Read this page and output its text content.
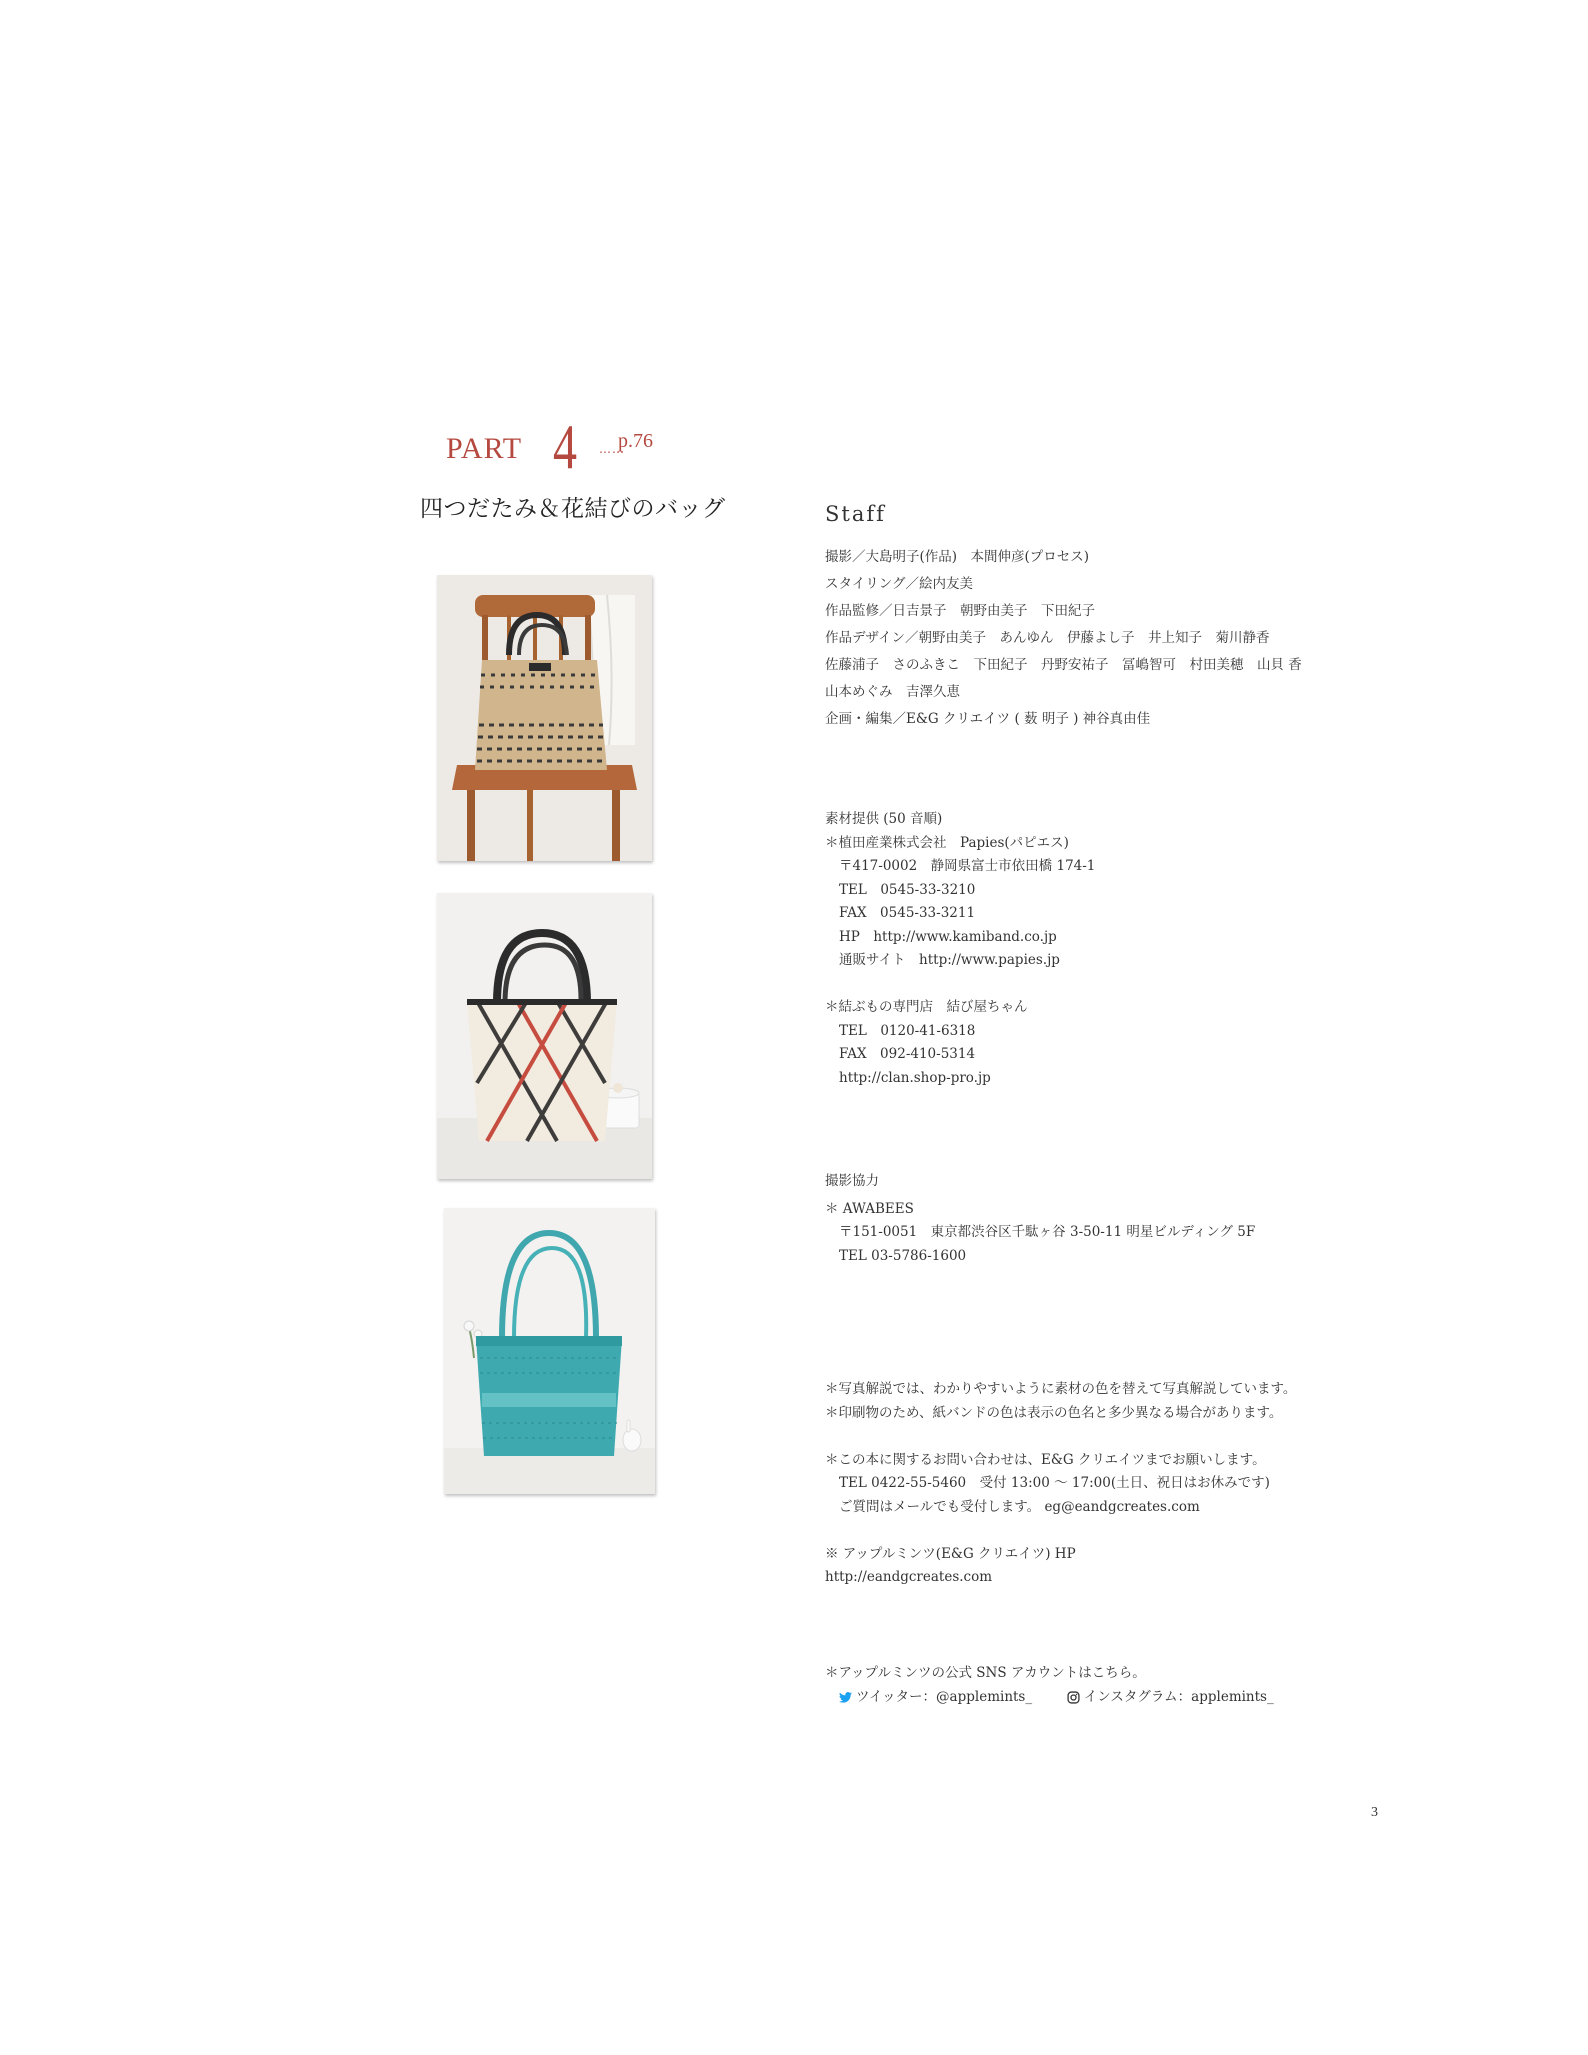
PART 4 ……
p.76
四つだたみ＆花結びのバッグ	Staff
撮影／大島明子(作品)　本間伸彦(プロセス)
スタイリング／絵内友美
作品監修／日吉景子　朝野由美子　下田紀子
作品デザイン／朝野由美子　あんゆん　伊藤よし子　井上知子　菊川静香
佐藤浦子　さのふきこ　下田紀子　丹野安祐子　冨嶋智可　村田美穂　山貝 香
山本めぐみ　吉澤久恵
企画・編集／E&G クリエイツ ( 薮 明子 ) 神谷真由佳
素材提供 (50 音順)
＊植田産業株式会社　Papies(パピエス)
〒417-0002　静岡県富士市依田橋 174-1
TEL　0545-33-3210
FAX　0545-33-3211
HP　http://www.kamiband.co.jp
通販サイト　http://www.papies.jp
＊結ぶもの専門店　結び屋ちゃん
TEL　0120-41-6318
FAX　092-410-5314
http://clan.shop-pro.jp
撮影協力
＊ AWABEES
〒151-0051　東京都渋谷区千駄ヶ谷 3-50-11 明星ビルディング 5F
TEL 03-5786-1600
＊写真解説では、わかりやすいように素材の色を替えて写真解説しています。
＊印刷物のため、紙バンドの色は表示の色名と多少異なる場合があります。
＊この本に関するお問い合わせは、E&G クリエイツまでお願いします。
TEL 0422-55-5460　受付 13:00 ～ 17:00(土日、祝日はお休みです)
ご質問はメールでも受付します。 eg@eandgcreates.com
※ アップルミンツ(E&G クリエイツ) HP
http://eandgcreates.com
＊アップルミンツの公式 SNS アカウントはこちら。
ツイッター：@applemints_	インスタグラム：applemints_
3
